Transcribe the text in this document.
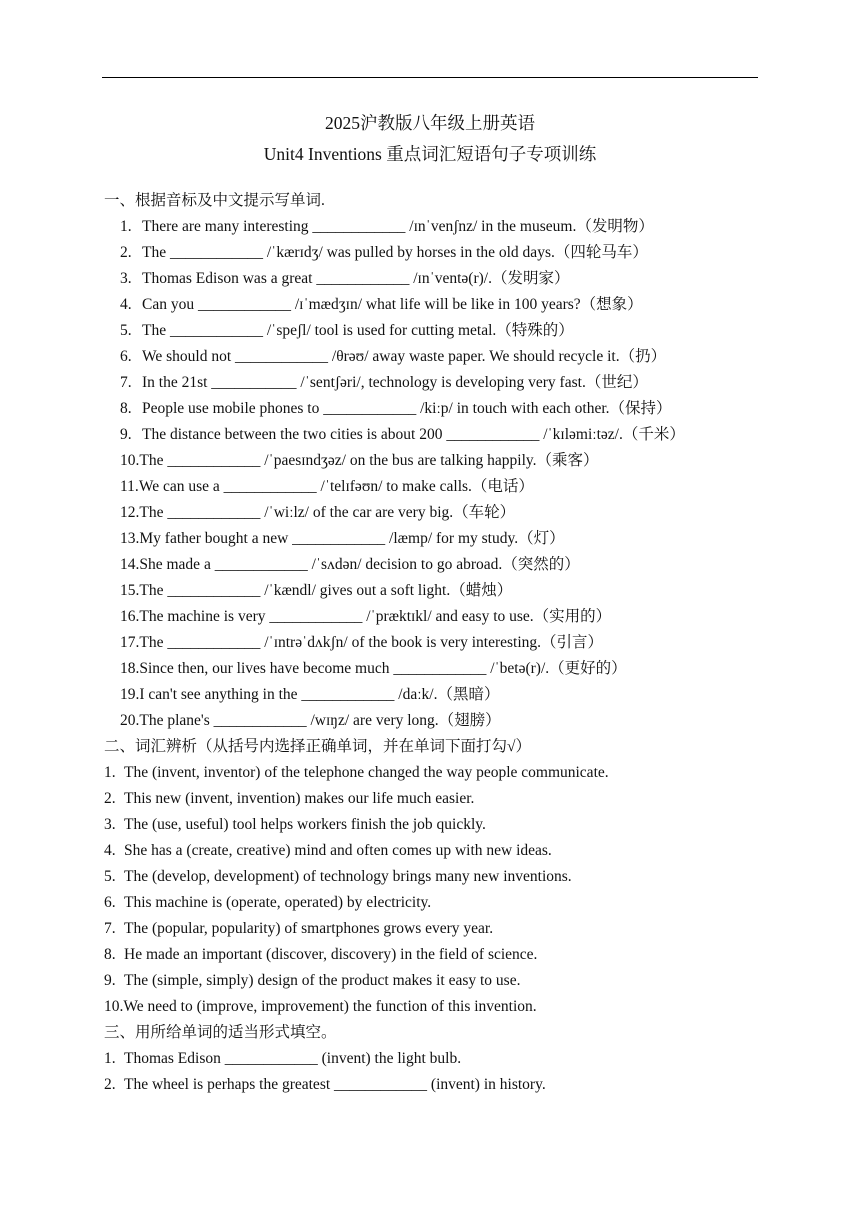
2025沪教版八年级上册英语
Unit4 Inventions 重点词汇短语句子专项训练
一、根据音标及中文提示写单词.
1. There are many interesting ____________ /ɪnˈvenʃnz/ in the museum.（发明物）
2. The ____________ /ˈkærɪdʒ/ was pulled by horses in the old days.（四轮马车）
3. Thomas Edison was a great ____________ /ɪnˈventə(r)/.（发明家）
4. Can you ____________ /ɪˈmædʒɪn/ what life will be like in 100 years?（想象）
5. The ____________ /ˈspeʃl/ tool is used for cutting metal.（特殊的）
6. We should not ____________ /θrəʊ/ away waste paper. We should recycle it.（扔）
7. In the 21st ___________ /ˈsentʃəri/, technology is developing very fast.（世纪）
8. People use mobile phones to ____________ /kiːp/ in touch with each other.（保持）
9. The distance between the two cities is about 200 ____________ /ˈkɪləmiːtəz/.（千米）
10.The ____________ /ˈpaesɪndʒəz/ on the bus are talking happily.（乘客）
11.We can use a ____________ /ˈtelɪfəʊn/ to make calls.（电话）
12.The ____________ /ˈwiːlz/ of the car are very big.（车轮）
13.My father bought a new ____________ /læmp/ for my study.（灯）
14.She made a ____________ /ˈsʌdən/ decision to go abroad.（突然的）
15.The ____________ /ˈkændl/ gives out a soft light.（蜡烛）
16.The machine is very ____________ /ˈpræktɪkl/ and easy to use.（实用的）
17.The ____________ /ˈɪntrəˈdʌkʃn/ of the book is very interesting.（引言）
18.Since then, our lives have become much ____________ /ˈbetə(r)/.（更好的）
19.I can't see anything in the ____________ /daːk/.（黑暗）
20.The plane's ____________ /wɪŋz/ are very long.（翅膀）
二、词汇辨析（从括号内选择正确单词，并在单词下面打勾√）
1. The (invent, inventor) of the telephone changed the way people communicate.
2. This new (invent, invention) makes our life much easier.
3. The (use, useful) tool helps workers finish the job quickly.
4. She has a (create, creative) mind and often comes up with new ideas.
5. The (develop, development) of technology brings many new inventions.
6. This machine is (operate, operated) by electricity.
7. The (popular, popularity) of smartphones grows every year.
8. He made an important (discover, discovery) in the field of science.
9. The (simple, simply) design of the product makes it easy to use.
10.We need to (improve, improvement) the function of this invention.
三、用所给单词的适当形式填空。
1. Thomas Edison ____________ (invent) the light bulb.
2. The wheel is perhaps the greatest ____________ (invent) in history.
